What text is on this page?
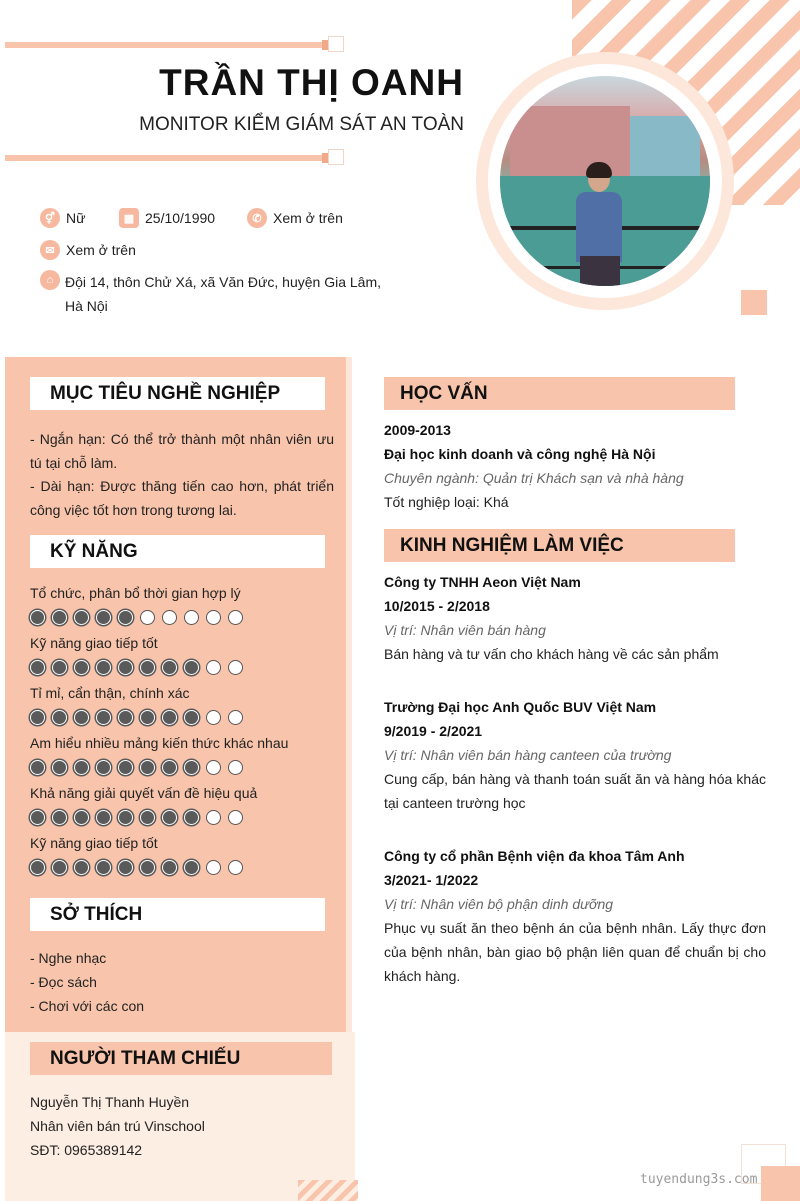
TRẦN THỊ OANH
MONITOR KIỂM GIÁM SÁT AN TOÀN
⚥ Nữ	▦ 25/10/1990	✆ Xem ở trên
✉ Xem ở trên
⌂ Đội 14, thôn Chử Xá, xã Văn Đức, huyện Gia Lâm, Hà Nội
MỤC TIÊU NGHỀ NGHIỆP
- Ngắn hạn: Có thể trở thành một nhân viên ưu tú tại chỗ làm.
- Dài hạn: Được thăng tiến cao hơn, phát triển công việc tốt hơn trong tương lai.
KỸ NĂNG
Tổ chức, phân bổ thời gian hợp lý
Kỹ năng giao tiếp tốt
Tỉ mỉ, cẩn thận, chính xác
Am hiểu nhiều mảng kiến thức khác nhau
Khả năng giải quyết vấn đề hiệu quả
Kỹ năng giao tiếp tốt
SỞ THÍCH
- Nghe nhạc
- Đọc sách
- Chơi với các con
NGƯỜI THAM CHIẾU
Nguyễn Thị Thanh Huyền
Nhân viên bán trú Vinschool
SĐT: 0965389142
HỌC VẤN
2009-2013
Đại học kinh doanh và công nghệ Hà Nội
Chuyên ngành: Quản trị Khách sạn và nhà hàng
Tốt nghiệp loại: Khá
KINH NGHIỆM LÀM VIỆC
Công ty TNHH Aeon Việt Nam
10/2015 - 2/2018
Vị trí: Nhân viên bán hàng
Bán hàng và tư vấn cho khách hàng về các sản phẩm
Trường Đại học Anh Quốc BUV Việt Nam
9/2019 - 2/2021
Vị trí: Nhân viên bán hàng canteen của trường
Cung cấp, bán hàng và thanh toán suất ăn và hàng hóa khác tại canteen trường học
Công ty cổ phần Bệnh viện đa khoa Tâm Anh
3/2021- 1/2022
Vị trí: Nhân viên bộ phận dinh dưỡng
Phục vụ suất ăn theo bệnh án của bệnh nhân. Lấy thực đơn của bệnh nhân, bàn giao bộ phận liên quan để chuẩn bị cho khách hàng.
tuyendung3s.com
